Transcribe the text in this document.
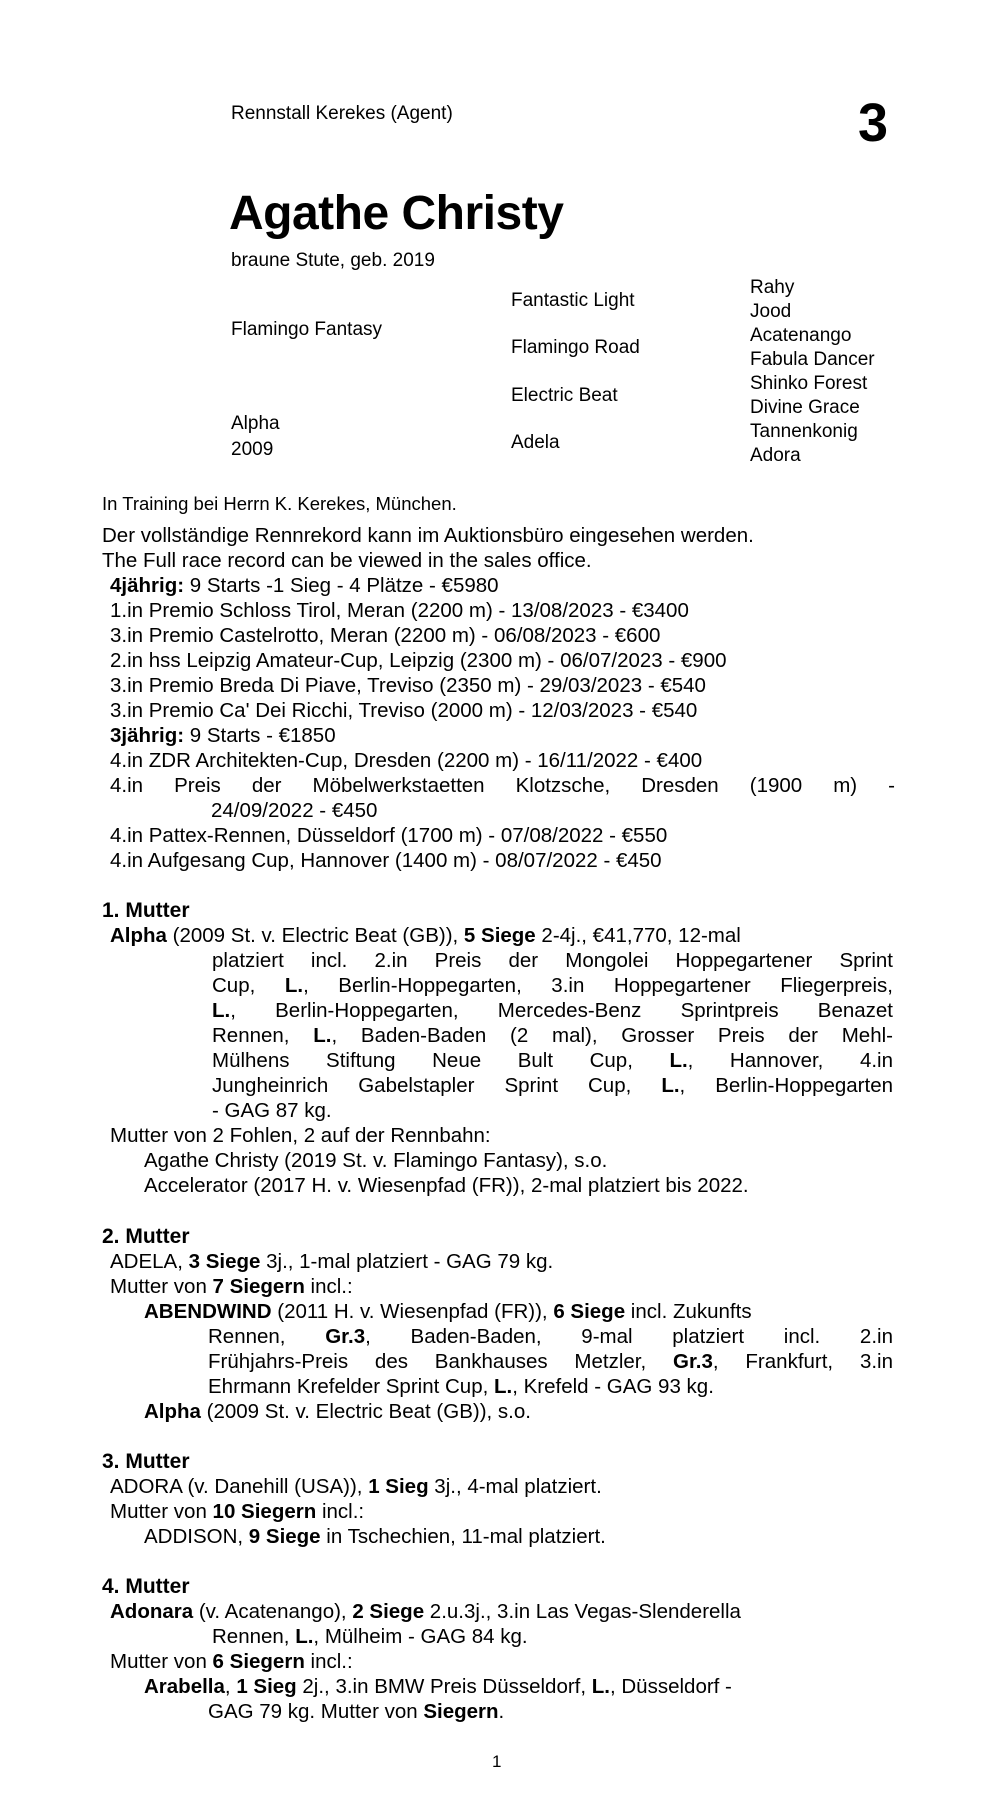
Rennstall Kerekes (Agent)	3
Agathe Christy
braune Stute, geb. 2019
Flamingo Fantasy
Alpha
2009
Fantastic Light
Flamingo Road
Electric Beat
Adela
Rahy
Jood
Acatenango
Fabula Dancer
Shinko Forest
Divine Grace
Tannenkonig
Adora
In Training bei Herrn K. Kerekes, München.
Der vollständige Rennrekord kann im Auktionsbüro eingesehen werden.
The Full race record can be viewed in the sales office.
4jährig: 9 Starts -1 Sieg - 4 Plätze - €5980
1.in Premio Schloss Tirol, Meran (2200 m) - 13/08/2023 - €3400
3.in Premio Castelrotto, Meran (2200 m) - 06/08/2023 - €600
2.in hss Leipzig Amateur-Cup, Leipzig (2300 m) - 06/07/2023 - €900
3.in Premio Breda Di Piave, Treviso (2350 m) - 29/03/2023 - €540
3.in Premio Ca' Dei Ricchi, Treviso (2000 m) - 12/03/2023 - €540
3jährig: 9 Starts - €1850
4.in ZDR Architekten-Cup, Dresden (2200 m) - 16/11/2022 - €400
4.in Preis der Möbelwerkstaetten Klotzsche, Dresden (1900 m) -
24/09/2022 - €450
4.in Pattex-Rennen, Düsseldorf (1700 m) - 07/08/2022 - €550
4.in Aufgesang Cup, Hannover (1400 m) - 08/07/2022 - €450
1. Mutter
Alpha (2009 St. v. Electric Beat (GB)), 5 Siege 2-4j., €41,770, 12-mal
platziert incl. 2.in Preis der Mongolei Hoppegartener Sprint
Cup, L., Berlin-Hoppegarten, 3.in Hoppegartener Fliegerpreis,
L., Berlin-Hoppegarten, Mercedes-Benz Sprintpreis Benazet
Rennen, L., Baden-Baden (2 mal), Grosser Preis der Mehl-
Mülhens Stiftung Neue Bult Cup, L., Hannover, 4.in
Jungheinrich Gabelstapler Sprint Cup, L., Berlin-Hoppegarten
- GAG 87 kg.
Mutter von 2 Fohlen, 2 auf der Rennbahn:
Agathe Christy (2019 St. v. Flamingo Fantasy), s.o.
Accelerator (2017 H. v. Wiesenpfad (FR)), 2-mal platziert bis 2022.
2. Mutter
ADELA, 3 Siege 3j., 1-mal platziert - GAG 79 kg.
Mutter von 7 Siegern incl.:
ABENDWIND (2011 H. v. Wiesenpfad (FR)), 6 Siege incl. Zukunfts
Rennen, Gr.3, Baden-Baden, 9-mal platziert incl. 2.in
Frühjahrs-Preis des Bankhauses Metzler, Gr.3, Frankfurt, 3.in
Ehrmann Krefelder Sprint Cup, L., Krefeld - GAG 93 kg.
Alpha (2009 St. v. Electric Beat (GB)), s.o.
3. Mutter
ADORA (v. Danehill (USA)), 1 Sieg 3j., 4-mal platziert.
Mutter von 10 Siegern incl.:
ADDISON, 9 Siege in Tschechien, 11-mal platziert.
4. Mutter
Adonara (v. Acatenango), 2 Siege 2.u.3j., 3.in Las Vegas-Slenderella
Rennen, L., Mülheim - GAG 84 kg.
Mutter von 6 Siegern incl.:
Arabella, 1 Sieg 2j., 3.in BMW Preis Düsseldorf, L., Düsseldorf -
GAG 79 kg. Mutter von Siegern.
1
